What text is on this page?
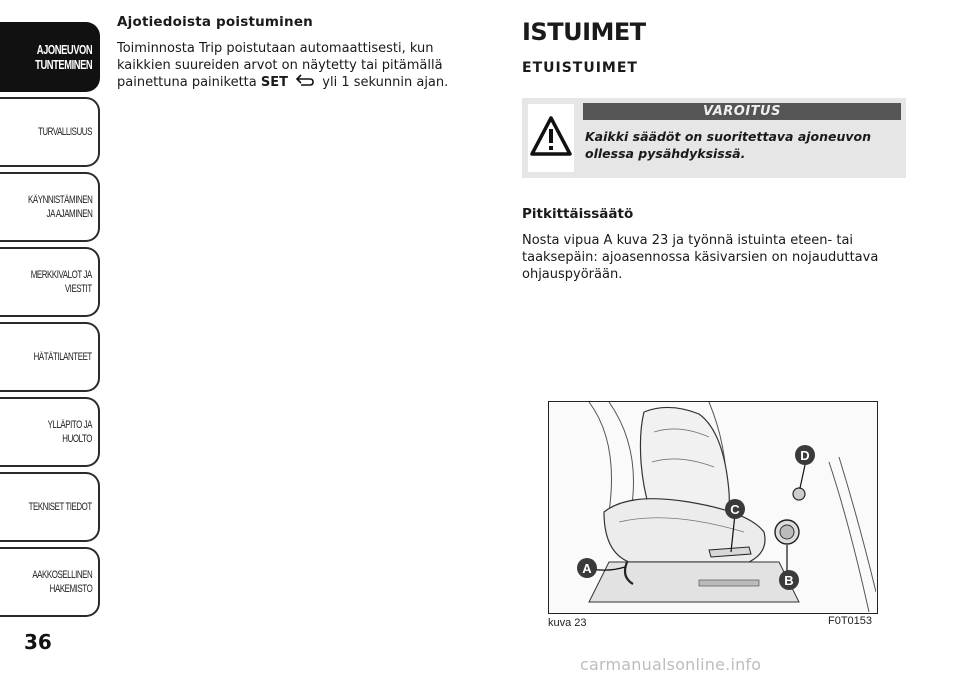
AJONEUVON
TUNTEMINEN
TURVALLISUUS
KÄYNNISTÄMINEN
JA AJAMINEN
MERKKIVALOT JA
VIESTIT
HÄTÄTILANTEET
YLLÄPITO JA HUOLTO
TEKNISET TIEDOT
AAKKOSELLINEN
HAKEMISTO
36
Ajotiedoista poistuminen

Toiminnosta Trip poistutaan automaattisesti, kun kaikkien suureiden arvot on näytetty tai pitämällä painettuna painiketta SET	yli 1 sekunnin ajan.

ISTUIMET
ETUISTUIMET
VAROITUS
Kaikki säädöt on suoritettava ajoneuvon ollessa pysähdyksissä.
Pitkittäissäätö

Nosta vipua A kuva 23 ja työnnä istuinta eteen- tai taaksepäin: ajoasennossa käsivarsien on nojauduttava ohjauspyörään.

A
B
C
D
kuva 23	F0T0153
carmanualsonline.info
